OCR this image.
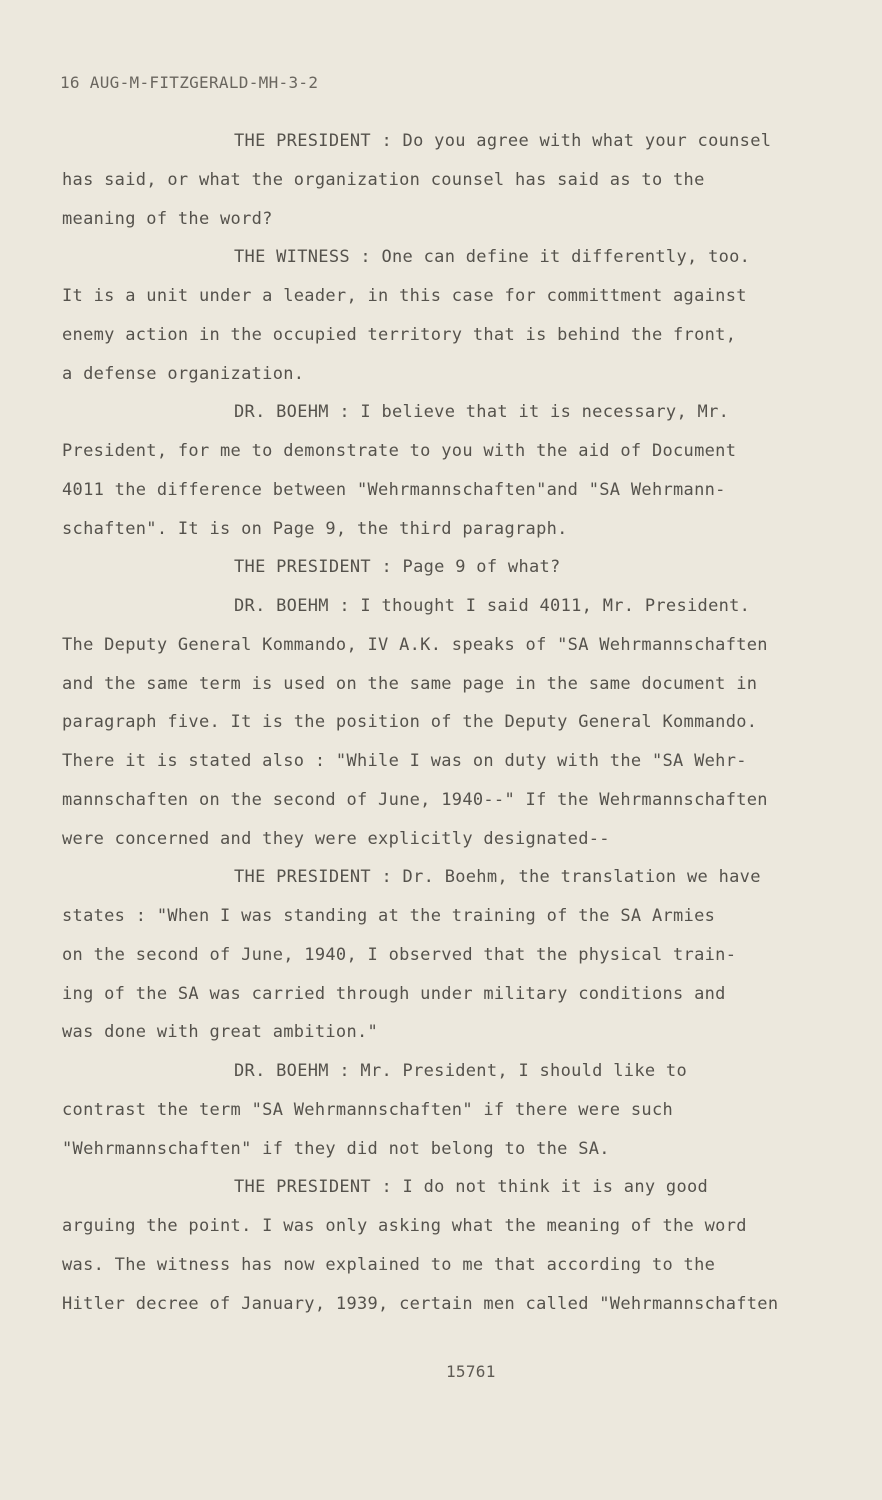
16 AUG-M-FITZGERALD-MH-3-2
THE PRESIDENT : Do you agree with what your counsel
has said, or what the organization counsel has said as to the
meaning of the word?
THE WITNESS : One can define it differently, too.
It is a unit under a leader, in this case for committment against
enemy action in the occupied territory that is behind the front,
a defense organization.
DR. BOEHM : I believe that it is necessary, Mr.
President, for me to demonstrate to you with the aid of Document
4011 the difference between "Wehrmannschaften"and "SA Wehrmann-
schaften". It is on Page 9, the third paragraph.
THE PRESIDENT : Page 9 of what?
DR. BOEHM : I thought I said 4011, Mr. President.
The Deputy General Kommando, IV A.K. speaks of "SA Wehrmannschaften
and the same term is used on the same page in the same document in
paragraph five. It is the position of the Deputy General Kommando.
There it is stated also : "While I was on duty with the "SA Wehr-
mannschaften on the second of June, 1940--" If the Wehrmannschaften
were concerned and they were explicitly designated--
THE PRESIDENT : Dr. Boehm, the translation we have
states : "When I was standing at the training of the SA Armies
on the second of June, 1940, I observed that the physical train-
ing of the SA was carried through under military conditions and
was done with great ambition."
DR. BOEHM : Mr. President, I should like to
contrast the term "SA Wehrmannschaften" if there were such
"Wehrmannschaften" if they did not belong to the SA.
THE PRESIDENT : I do not think it is any good
arguing the point. I was only asking what the meaning of the word
was. The witness has now explained to me that according to the
Hitler decree of January, 1939, certain men called "Wehrmannschaften
15761
